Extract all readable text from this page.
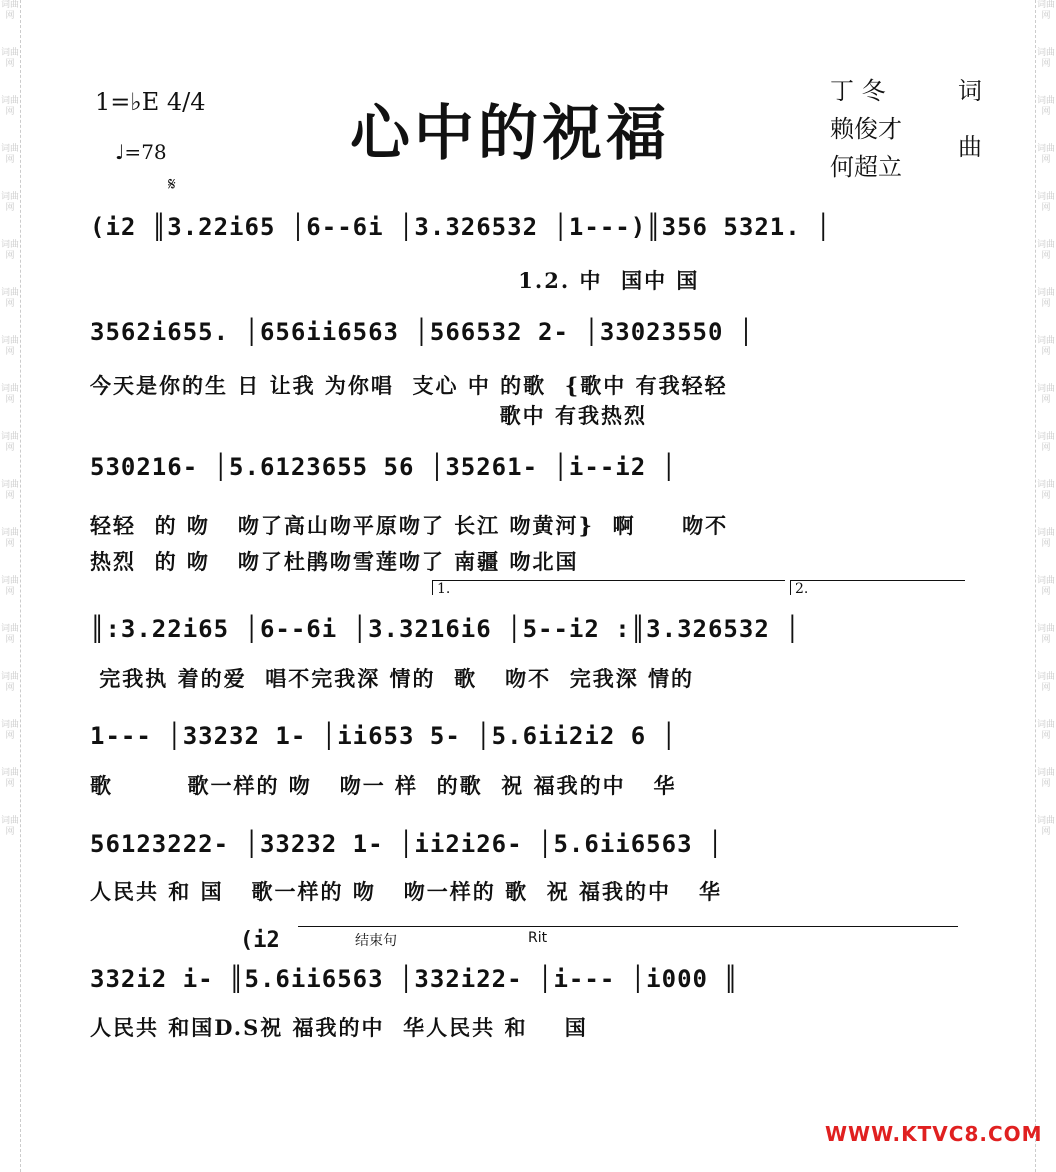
词曲网
词曲网
词曲网
词曲网
词曲网
词曲网
词曲网
词曲网
词曲网
词曲网
词曲网
词曲网
词曲网
词曲网
词曲网
词曲网
词曲网
词曲网
词曲网
词曲网
词曲网
词曲网
词曲网
词曲网
词曲网
词曲网
词曲网
词曲网
词曲网
词曲网
词曲网
词曲网
词曲网
词曲网
词曲网
词曲网
1=♭E 4/4
♩=78
𝄋
心中的祝福
丁 冬	词
赖俊才
曲
何超立
(i2 ║3.22i65 │6--6i │3.326532 │1---)║356 5321. │
1.2. 中  国中 国
3562i655. │656ii6563 │566532 2- │33023550 │
今天是你的生 日 让我 为你唱  支心 中 的歌  {歌中 有我轻轻
歌中 有我热烈
530216- │5.6123655 56 │35261- │i--i2 │
轻轻  的 吻   吻了高山吻平原吻了 长江 吻黄河}  啊     吻不
热烈  的 吻   吻了杜鹃吻雪莲吻了 南疆 吻北国
1.	2.
║:3.22i65 │6--6i │3.3216i6 │5--i2 :║3.326532 │
完我执 着的爱  唱不完我深 情的  歌   吻不  完我深 情的
1--- │33232 1- │ii653 5- │5.6ii2i2 6 │
歌        歌一样的 吻   吻一 样  的歌  祝 福我的中   华
56123222- │33232 1- │ii2i26- │5.6ii6563 │
人民共 和 国   歌一样的 吻   吻一样的 歌  祝 福我的中   华
(i2	结束句	Rit
332i2 i- ║5.6ii6563 │332i22- │i--- │i000 ║
人民共 和国D.S祝 福我的中  华人民共 和    国
WWW.KTVC8.COM
